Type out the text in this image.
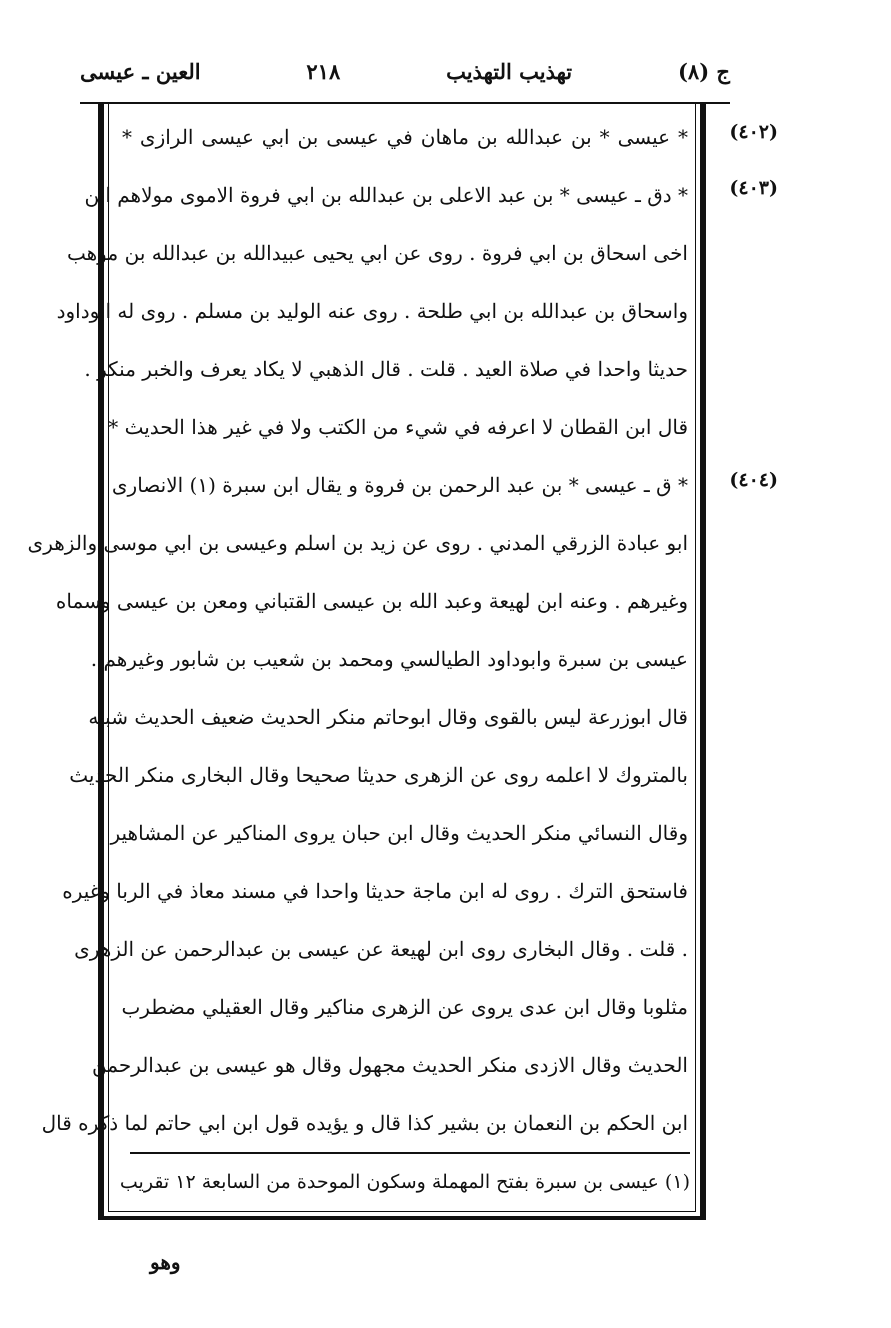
ج (٨)
تهذيب التهذيب
٢١٨
العين ـ عيسى
* عيسى * بن عبدالله بن ماهان في عيسى بن ابي عيسى الرازى *
* دق ـ عيسى * بن عبد الاعلى بن عبدالله بن ابي فروة الاموى مولاهم ابن
اخى اسحاق بن ابي فروة . روى عن ابي يحيى عبيدالله بن عبدالله بن موهب
واسحاق بن عبدالله بن ابي طلحة . روى عنه الوليد بن مسلم . روى له ابوداود
حديثا واحدا في صلاة العيد . قلت . قال الذهبي لا يكاد يعرف والخبر منكر .
قال ابن القطان لا اعرفه في شيء من الكتب ولا في غير هذا الحديث *
* ق ـ عيسى * بن عبد الرحمن بن فروة و يقال ابن سبرة (١) الانصارى
ابو عبادة الزرقي المدني . روى عن زيد بن اسلم وعيسى بن ابي موسى والزهرى
وغيرهم . وعنه ابن لهيعة وعبد الله بن عيسى القتباني ومعن بن عيسى وسماه
عيسى بن سبرة وابوداود الطيالسي ومحمد بن شعيب بن شابور وغيرهم .
قال ابوزرعة ليس بالقوى وقال ابوحاتم منكر الحديث ضعيف الحديث شبيه
بالمتروك لا اعلمه روى عن الزهرى حديثا صحيحا وقال البخارى منكر الحديث
وقال النسائي منكر الحديث وقال ابن حبان يروى المناكير عن المشاهير
فاستحق الترك . روى له ابن ماجة حديثا واحدا في مسند معاذ في الربا وغيره
. قلت . وقال البخارى روى ابن لهيعة عن عيسى بن عبدالرحمن عن الزهرى
مثلوبا وقال ابن عدى يروى عن الزهرى مناكير وقال العقيلي مضطرب
الحديث وقال الازدى منكر الحديث مجهول وقال هو عيسى بن عبدالرحمن
ابن الحكم بن النعمان بن بشير كذا قال و يؤيده قول ابن ابي حاتم لما ذكره قال
(٤٠٢)
(٤٠٣)
(٤٠٤)
(١) عيسى بن سبرة بفتح المهملة وسكون الموحدة من السابعة ١٢ تقريب
وهو
